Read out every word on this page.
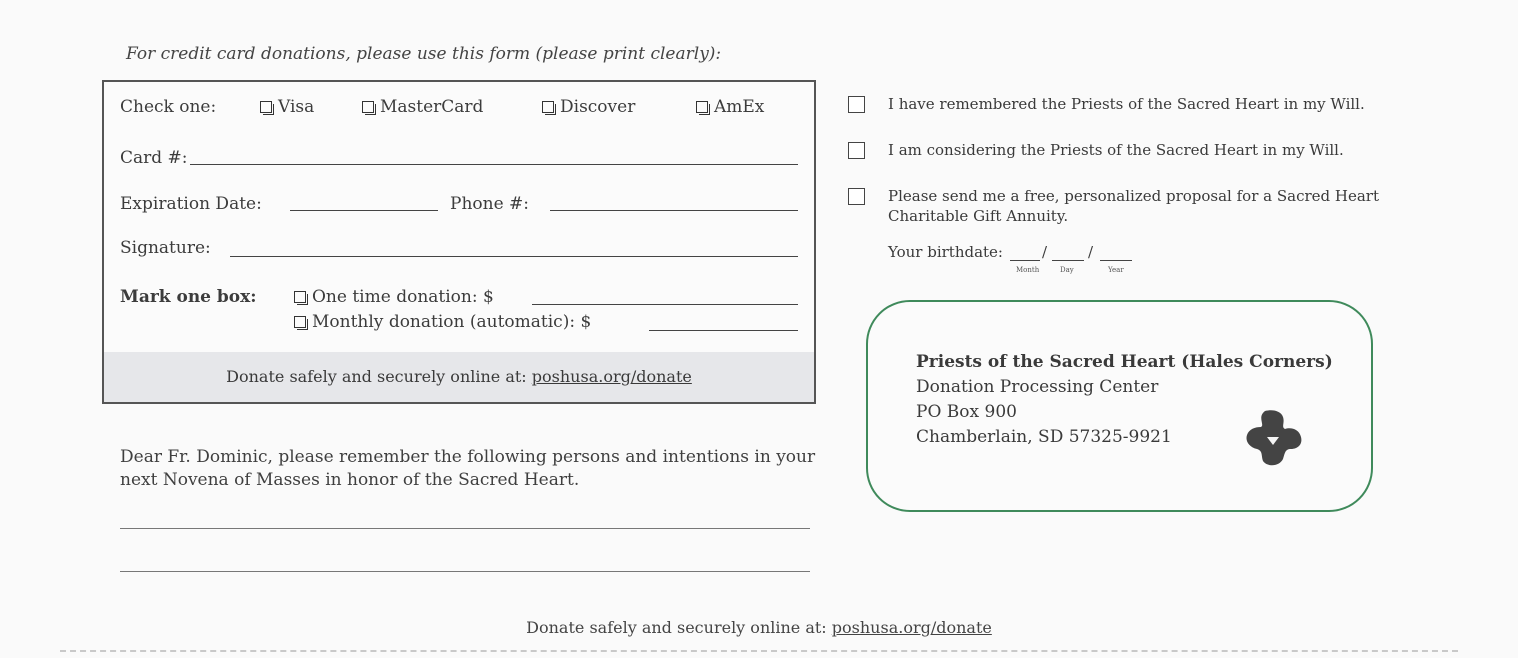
For credit card donations, please use this form (please print clearly):
Check one:	Visa	MasterCard	Discover	AmEx
Card #:
Expiration Date:	Phone #:
Signature:
Mark one box:	One time donation: $
Monthly donation (automatic): $
Donate safely and securely online at: poshusa.org/donate
Dear Fr. Dominic, please remember the following persons and intentions in your next Novena of Masses in honor of the Sacred Heart.
I have remembered the Priests of the Sacred Heart in my Will.
I am considering the Priests of the Sacred Heart in my Will.
Please send me a free, personalized proposal for a Sacred Heart Charitable Gift Annuity.
Your birthdate:	/	/
Month	Day	Year
Priests of the Sacred Heart (Hales Corners)
Donation Processing Center
PO Box 900
Chamberlain, SD 57325-9921
Donate safely and securely online at: poshusa.org/donate
